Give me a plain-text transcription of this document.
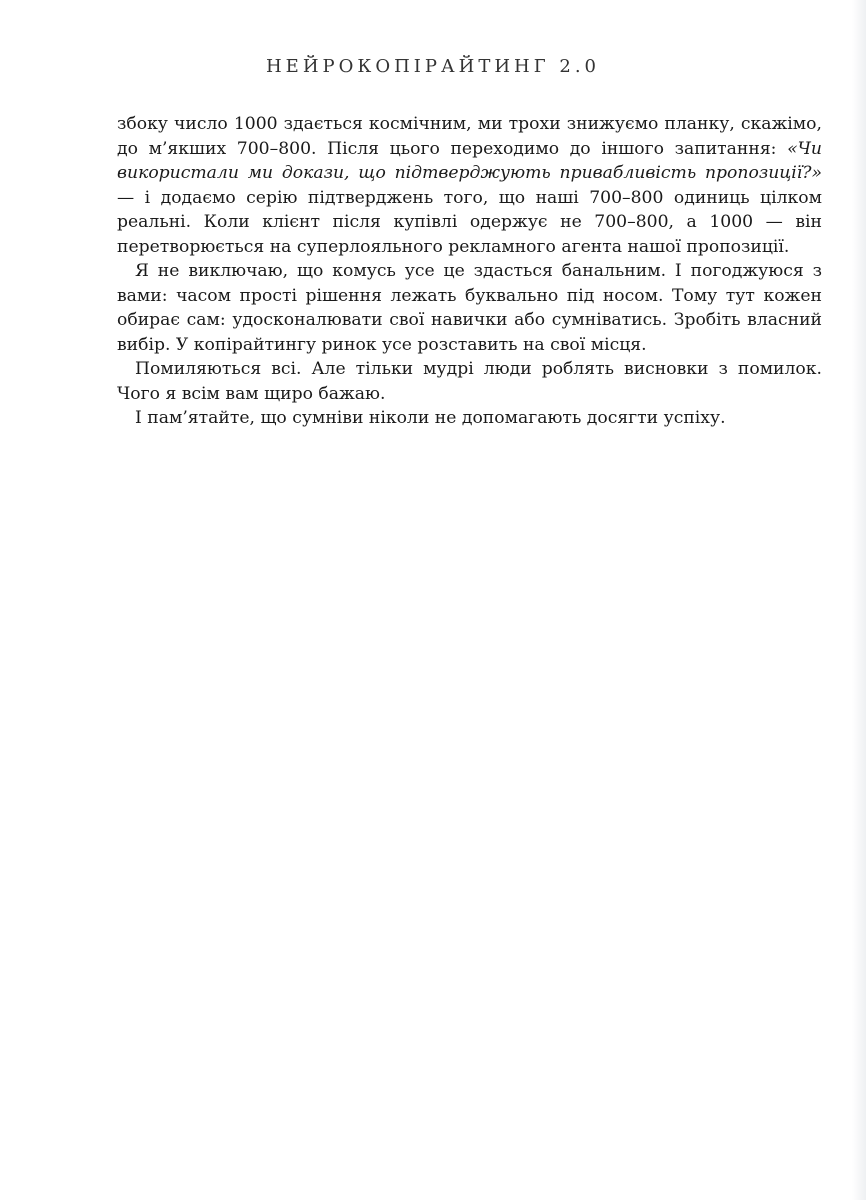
НЕЙРОКОПІРАЙТИНГ 2.0

збоку число 1000 здається космічним, ми трохи знижуємо планку, скажімо, до м’якших 700–800. Після цього переходимо до іншого запитання: «Чи використали ми докази, що підтверджують привабливість пропозиції?» — і додаємо серію підтверджень того, що наші 700–800 одиниць цілком реальні. Коли клієнт після купівлі одержує не 700–800, а 1000 — він перетворюється на суперлояльного рекламного агента нашої пропозиції.

Я не виключаю, що комусь усе це здасться банальним. І погоджуюся з вами: часом прості рішення лежать буквально під носом. Тому тут кожен обирає сам: удосконалювати свої навички або сумніватись. Зробіть власний вибір. У копірайтингу ринок усе розставить на свої місця.

Помиляються всі. Але тільки мудрі люди роблять висновки з помилок. Чого я всім вам щиро бажаю.

І пам’ятайте, що сумніви ніколи не допомагають досягти успіху.
